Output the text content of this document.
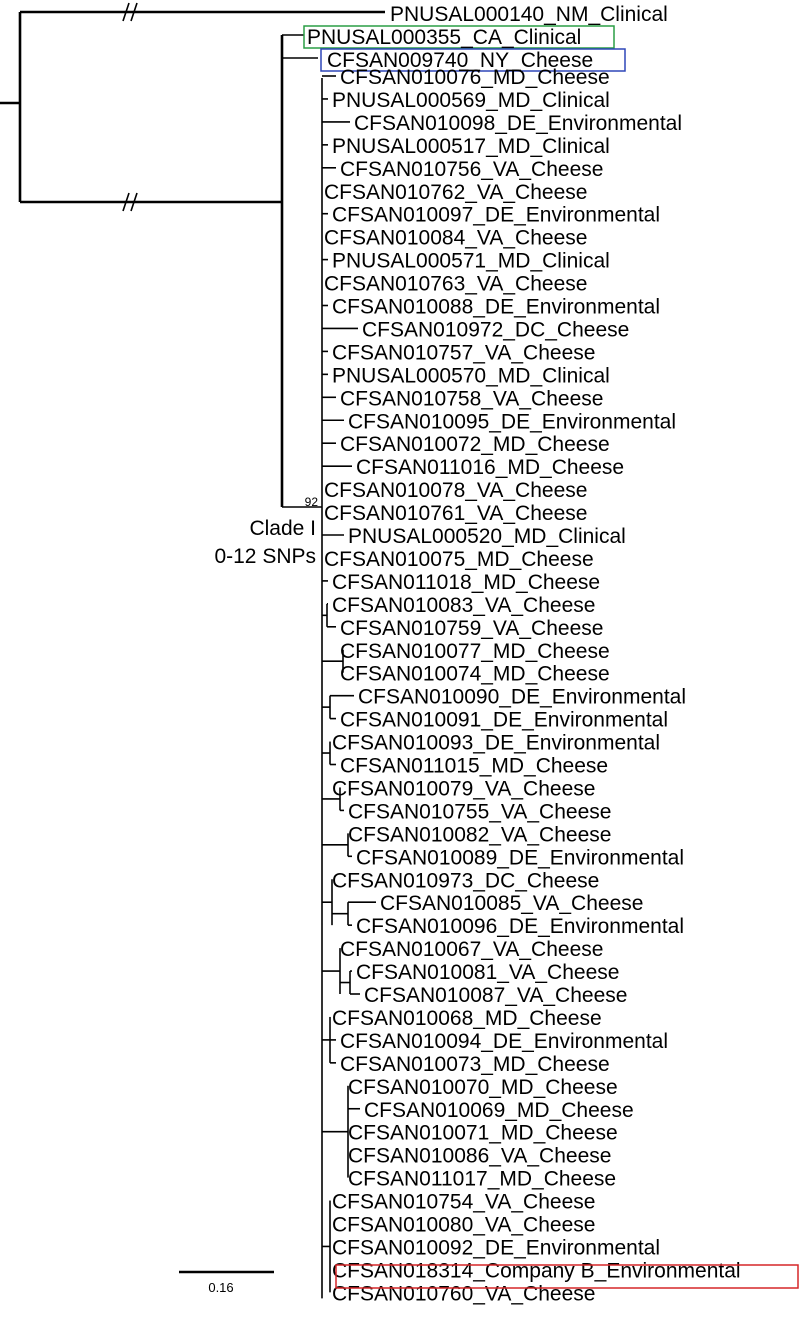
PNUSAL000140_NM_Clinical
PNUSAL000355_CA_Clinical
CFSAN009740_NY_Cheese
Clade I
0-12 SNPs
92
CFSAN010076_MD_Cheese
PNUSAL000569_MD_Clinical
CFSAN010098_DE_Environmental
PNUSAL000517_MD_Clinical
CFSAN010756_VA_Cheese
CFSAN010762_VA_Cheese
CFSAN010097_DE_Environmental
CFSAN010084_VA_Cheese
PNUSAL000571_MD_Clinical
CFSAN010763_VA_Cheese
CFSAN010088_DE_Environmental
CFSAN010972_DC_Cheese
CFSAN010757_VA_Cheese
PNUSAL000570_MD_Clinical
CFSAN010758_VA_Cheese
CFSAN010095_DE_Environmental
CFSAN010072_MD_Cheese
CFSAN011016_MD_Cheese
CFSAN010078_VA_Cheese
CFSAN010761_VA_Cheese
PNUSAL000520_MD_Clinical
CFSAN010075_MD_Cheese
CFSAN011018_MD_Cheese
CFSAN010083_VA_Cheese
CFSAN010759_VA_Cheese
CFSAN010077_MD_Cheese
CFSAN010074_MD_Cheese
CFSAN010090_DE_Environmental
CFSAN010091_DE_Environmental
CFSAN010093_DE_Environmental
CFSAN011015_MD_Cheese
CFSAN010079_VA_Cheese
CFSAN010755_VA_Cheese
CFSAN010082_VA_Cheese
CFSAN010089_DE_Environmental
CFSAN010973_DC_Cheese
CFSAN010085_VA_Cheese
CFSAN010096_DE_Environmental
CFSAN010067_VA_Cheese
CFSAN010081_VA_Cheese
CFSAN010087_VA_Cheese
CFSAN010068_MD_Cheese
CFSAN010094_DE_Environmental
CFSAN010073_MD_Cheese
CFSAN010070_MD_Cheese
CFSAN010069_MD_Cheese
CFSAN010071_MD_Cheese
CFSAN010086_VA_Cheese
CFSAN011017_MD_Cheese
CFSAN010754_VA_Cheese
CFSAN010080_VA_Cheese
CFSAN010092_DE_Environmental
CFSAN018314_Company B_Environmental
CFSAN010760_VA_Cheese
0.16
